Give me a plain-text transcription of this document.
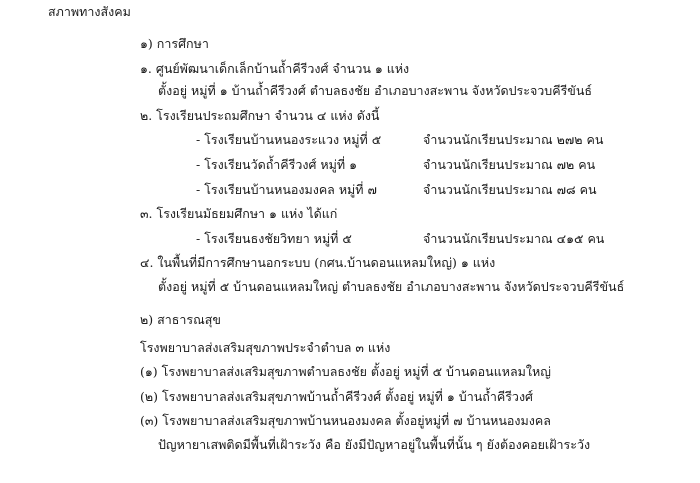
สภาพทางสังคม
๑) การศึกษา
๑. ศูนย์พัฒนาเด็กเล็กบ้านถ้ำคีรีวงศ์ จำนวน ๑ แห่ง
ตั้งอยู่ หมู่ที่ ๑ บ้านถ้ำคีรีวงศ์ ตำบลธงชัย อำเภอบางสะพาน จังหวัดประจวบคีรีขันธ์
๒. โรงเรียนประถมศึกษา จำนวน ๔ แห่ง ดังนี้
- โรงเรียนบ้านหนองระแวง หมู่ที่ ๕	จำนวนนักเรียนประมาณ ๒๗๒ คน
- โรงเรียนวัดถ้ำคีรีวงศ์ หมู่ที่ ๑	จำนวนนักเรียนประมาณ ๗๒ คน
- โรงเรียนบ้านหนองมงคล หมู่ที่ ๗	จำนวนนักเรียนประมาณ ๗๘ คน
๓. โรงเรียนมัธยมศึกษา ๑ แห่ง ได้แก่
- โรงเรียนธงชัยวิทยา หมู่ที่ ๕	จำนวนนักเรียนประมาณ ๔๑๕ คน
๔. ในพื้นที่มีการศึกษานอกระบบ (กศน.บ้านดอนแหลมใหญ่) ๑ แห่ง
ตั้งอยู่ หมู่ที่ ๕ บ้านดอนแหลมใหญ่ ตำบลธงชัย อำเภอบางสะพาน จังหวัดประจวบคีรีขันธ์
๒) สาธารณสุข
โรงพยาบาลส่งเสริมสุขภาพประจำตำบล ๓ แห่ง
(๑) โรงพยาบาลส่งเสริมสุขภาพตำบลธงชัย ตั้งอยู่ หมู่ที่ ๕ บ้านดอนแหลมใหญ่
(๒) โรงพยาบาลส่งเสริมสุขภาพบ้านถ้ำคีรีวงศ์ ตั้งอยู่ หมู่ที่ ๑ บ้านถ้ำคีรีวงศ์
(๓) โรงพยาบาลส่งเสริมสุขภาพบ้านหนองมงคล ตั้งอยู่หมู่ที่ ๗ บ้านหนองมงคล
ปัญหายาเสพติดมีพื้นที่เฝ้าระวัง คือ ยังมีปัญหาอยู่ในพื้นที่นั้น ๆ ยังต้องคอยเฝ้าระวัง
